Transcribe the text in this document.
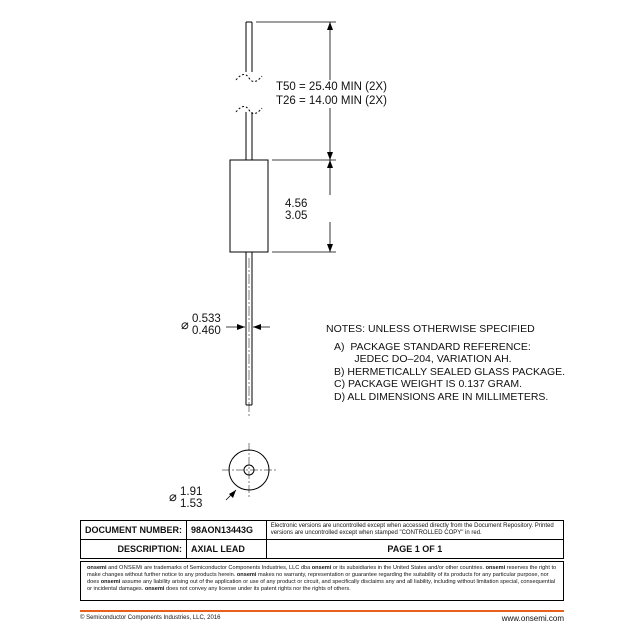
T50 = 25.40 MIN (2X)
T26 = 14.00 MIN (2X)
4.56
3.05
⌀ 0.533
0.460
⌀ 1.91
1.53
NOTES: UNLESS OTHERWISE SPECIFIED
A)  PACKAGE STANDARD REFERENCE:
JEDEC DO–204, VARIATION AH.
B) HERMETICALLY SEALED GLASS PACKAGE.
C) PACKAGE WEIGHT IS 0.137 GRAM.
D) ALL DIMENSIONS ARE IN MILLIMETERS.
DOCUMENT NUMBER:	98AON13443G	Electronic versions are uncontrolled except when accessed directly from the Document Repository. Printed versions are uncontrolled except when stamped "CONTROLLED COPY" in red.
DESCRIPTION:	AXIAL LEAD	PAGE 1 OF 1
onsemi and ONSEMi are trademarks of Semiconductor Components Industries, LLC dba onsemi or its subsidiaries in the United States and/or other countries. onsemi reserves the right to make changes without further notice to any products herein. onsemi makes no warranty, representation or guarantee regarding the suitability of its products for any particular purpose, nor does onsemi assume any liability arising out of the application or use of any product or circuit, and specifically disclaims any and all liability, including without limitation special, consequential or incidental damages. onsemi does not convey any license under its patent rights nor the rights of others.
© Semiconductor Components Industries, LLC, 2016	www.onsemi.com
